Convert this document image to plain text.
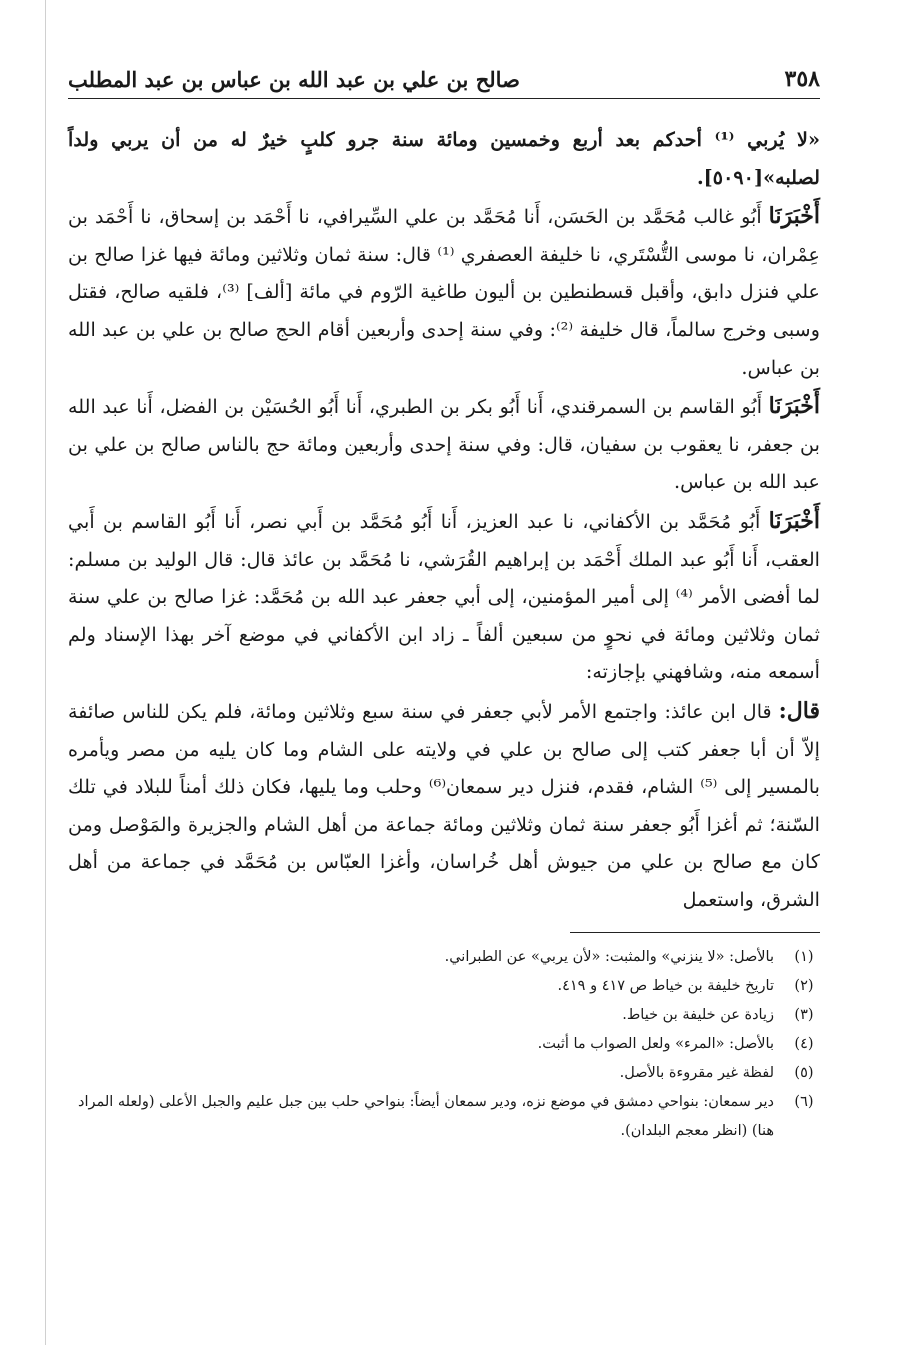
٣٥٨
صالح بن علي بن عبد الله بن عباس بن عبد المطلب

«لا يُربي ⁽¹⁾ أحدكم بعد أربع وخمسين ومائة سنة جرو كلبٍ خيرٌ له من أن يربي ولداً لصلبه»[٥٠٩٠].

أَخْبَرَنَا أَبُو غالب مُحَمَّد بن الحَسَن، أَنا مُحَمَّد بن علي السِّيرافي، نا أَحْمَد بن إسحاق، نا أَحْمَد بن عِمْران، نا موسى التُّسْتَري، نا خليفة العصفري ⁽¹⁾ قال: سنة ثمان وثلاثين ومائة فيها غزا صالح بن علي فنزل دابق، وأقبل قسطنطين بن أليون طاغية الرّوم في مائة [ألف] ⁽³⁾، فلقيه صالح، فقتل وسبى وخرج سالماً، قال خليفة ⁽²⁾: وفي سنة إحدى وأربعين أقام الحج صالح بن علي بن عبد الله بن عباس.

أَخْبَرَنَا أَبُو القاسم بن السمرقندي، أَنا أَبُو بكر بن الطبري، أَنا أَبُو الحُسَيْن بن الفضل، أَنا عبد الله بن جعفر، نا يعقوب بن سفيان، قال: وفي سنة إحدى وأربعين ومائة حج بالناس صالح بن علي بن عبد الله بن عباس.

أَخْبَرَنَا أَبُو مُحَمَّد بن الأكفاني، نا عبد العزيز، أَنا أَبُو مُحَمَّد بن أَبي نصر، أَنا أَبُو القاسم بن أَبي العقب، أَنا أَبُو عبد الملك أَحْمَد بن إبراهيم القُرَشي، نا مُحَمَّد بن عائذ قال: قال الوليد بن مسلم: لما أفضى الأمر ⁽⁴⁾ إلى أمير المؤمنين، إلى أبي جعفر عبد الله بن مُحَمَّد: غزا صالح بن علي سنة ثمان وثلاثين ومائة في نحوٍ من سبعين ألفاً ـ زاد ابن الأكفاني في موضع آخر بهذا الإسناد ولم أسمعه منه، وشافهني بإجازته:

قال: قال ابن عائذ: واجتمع الأمر لأبي جعفر في سنة سبع وثلاثين ومائة، فلم يكن للناس صائفة إلاّ أن أبا جعفر كتب إلى صالح بن علي في ولايته على الشام وما كان يليه من مصر ويأمره بالمسير إلى ⁽⁵⁾ الشام، فقدم، فنزل دير سمعان⁽⁶⁾ وحلب وما يليها، فكان ذلك أمناً للبلاد في تلك السّنة؛ ثم أغزا أَبُو جعفر سنة ثمان وثلاثين ومائة جماعة من أهل الشام والجزيرة والمَوْصل ومن كان مع صالح بن علي من جيوش أهل خُراسان، وأغزا العبّاس بن مُحَمَّد في جماعة من أهل الشرق، واستعمل

(١)
بالأصل: «لا ينزني» والمثبت: «لأن يربي» عن الطبراني.
(٢)
تاريخ خليفة بن خياط ص ٤١٧ و ٤١٩.
(٣)
زيادة عن خليفة بن خياط.
(٤)
بالأصل: «المرء» ولعل الصواب ما أثبت.
(٥)
لفظة غير مقروءة بالأصل.
(٦)
دير سمعان: بنواحي دمشق في موضع نزه، ودير سمعان أيضاً: بنواحي حلب بين جبل عليم والجبل الأعلى (ولعله المراد هنا) (انظر معجم البلدان).
